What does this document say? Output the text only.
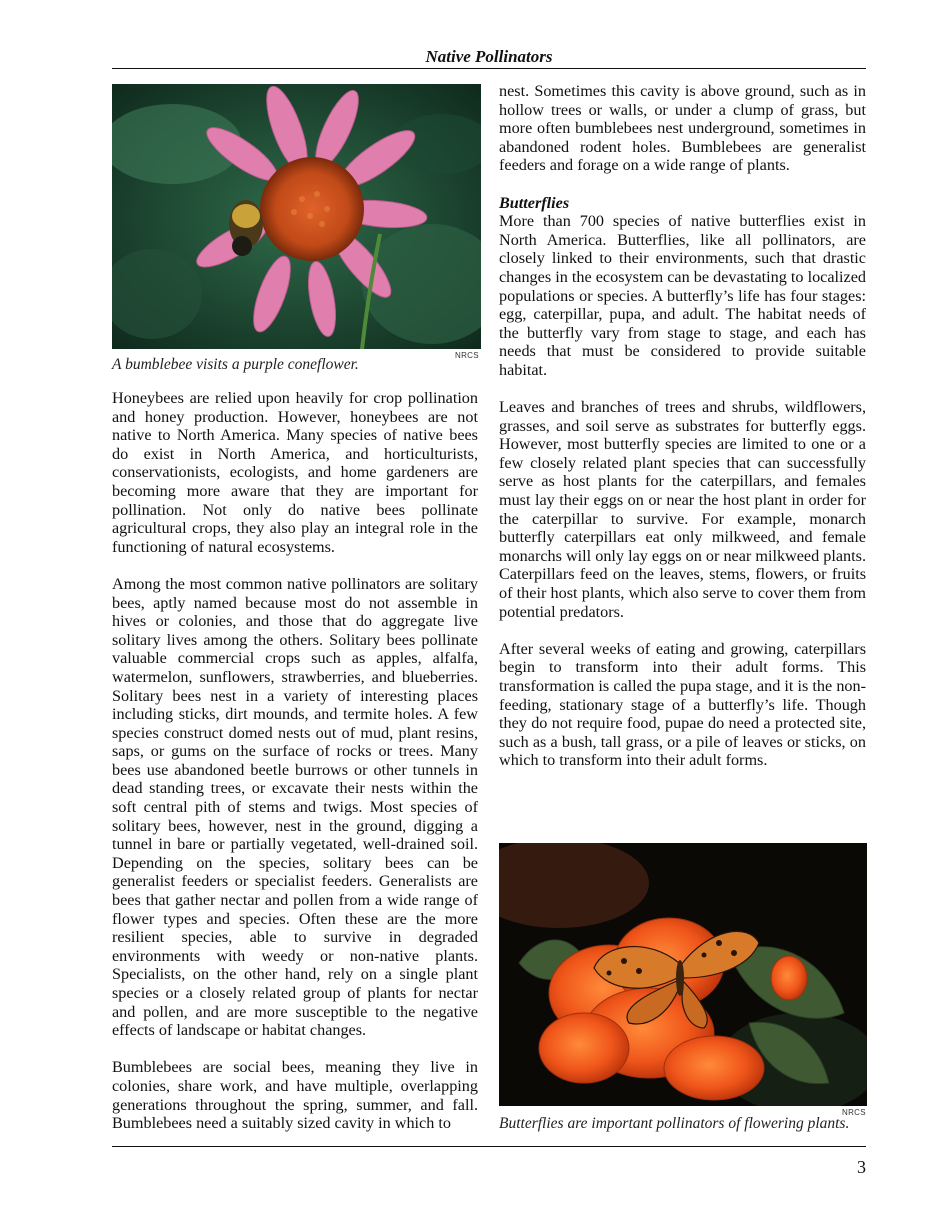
Native Pollinators
NRCS
A bumblebee visits a purple coneflower.

Honeybees are relied upon heavily for crop pollination and honey production. However, honeybees are not native to North America. Many species of native bees do exist in North America, and horticulturists, conservationists, ecologists, and home gardeners are becoming more aware that they are important for pollination. Not only do native bees pollinate agricultural crops, they also play an integral role in the functioning of natural ecosystems.

Among the most common native pollinators are solitary bees, aptly named because most do not assemble in hives or colonies, and those that do aggregate live solitary lives among the others. Solitary bees pollinate valuable commercial crops such as apples, alfalfa, watermelon, sunflowers, strawberries, and blueberries. Solitary bees nest in a variety of interesting places including sticks, dirt mounds, and termite holes. A few species construct domed nests out of mud, plant resins, saps, or gums on the surface of rocks or trees. Many bees use abandoned beetle burrows or other tunnels in dead standing trees, or excavate their nests within the soft central pith of stems and twigs. Most species of solitary bees, however, nest in the ground, digging a tunnel in bare or partially vegetated, well-drained soil. Depending on the species, solitary bees can be generalist feeders or specialist feeders. Generalists are bees that gather nectar and pollen from a wide range of flower types and species. Often these are the more resilient species, able to survive in degraded environments with weedy or non-native plants. Specialists, on the other hand, rely on a single plant species or a closely related group of plants for nectar and pollen, and are more susceptible to the negative effects of landscape or habitat changes.

Bumblebees are social bees, meaning they live in colonies, share work, and have multiple, overlapping generations throughout the spring, summer, and fall. Bumblebees need a suitably sized cavity in which to

nest. Sometimes this cavity is above ground, such as in hollow trees or walls, or under a clump of grass, but more often bumblebees nest underground, sometimes in abandoned rodent holes. Bumblebees are generalist feeders and forage on a wide range of plants.

Butterflies

More than 700 species of native butterflies exist in North America. Butterflies, like all pollinators, are closely linked to their environments, such that drastic changes in the ecosystem can be devastating to localized populations or species. A butterfly’s life has four stages: egg, caterpillar, pupa, and adult. The habitat needs of the butterfly vary from stage to stage, and each has needs that must be considered to provide suitable habitat.

Leaves and branches of trees and shrubs, wildflowers, grasses, and soil serve as substrates for butterfly eggs. However, most butterfly species are limited to one or a few closely related plant species that can successfully serve as host plants for the caterpillars, and females must lay their eggs on or near the host plant in order for the caterpillar to survive. For example, monarch butterfly caterpillars eat only milkweed, and female monarchs will only lay eggs on or near milkweed plants. Caterpillars feed on the leaves, stems, flowers, or fruits of their host plants, which also serve to cover them from potential predators.

After several weeks of eating and growing, caterpillars begin to transform into their adult forms. This transformation is called the pupa stage, and it is the non-feeding, stationary stage of a butterfly’s life. Though they do not require food, pupae do need a protected site, such as a bush, tall grass, or a pile of leaves or sticks, on which to transform into their adult forms.

NRCS
Butterflies are important pollinators of flowering plants.
3
